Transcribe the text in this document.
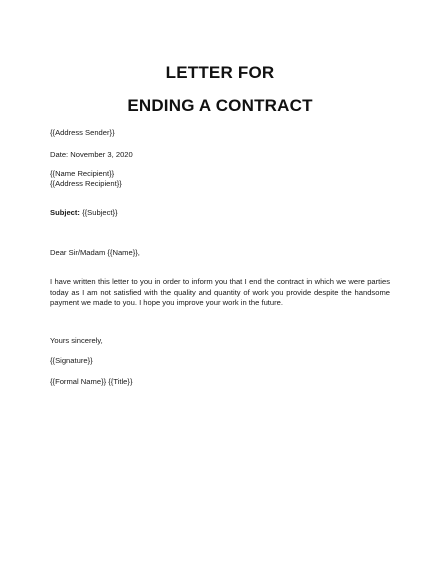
LETTER FOR
ENDING A CONTRACT
{{Address Sender}}
Date: November 3, 2020
{{Name Recipient}}
{{Address Recipient}}
Subject: {{Subject}}
Dear Sir/Madam {{Name}},
I have written this letter to you in order to inform you that I end the contract in which we were parties today as I am not satisfied with the quality and quantity of work you provide despite the handsome payment we made to you. I hope you improve your work in the future.
Yours sincerely,
{{Signature}}
{{Formal Name}} {{Title}}
